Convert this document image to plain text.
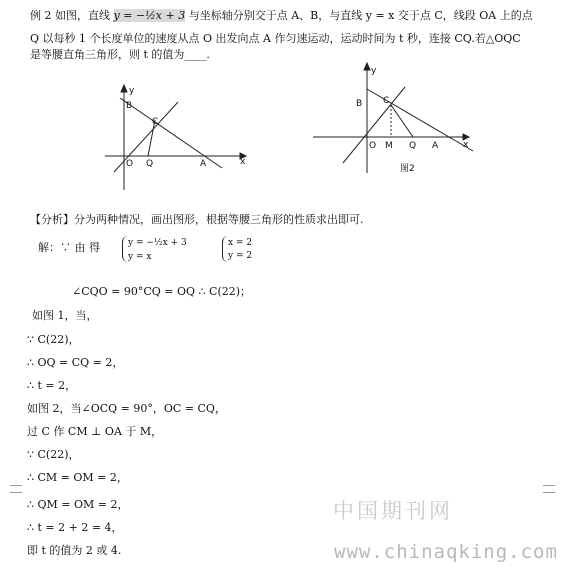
例 2 如图，直线 y = −½x + 3 与坐标轴分别交于点 A、B，与直线 y = x 交于点 C，线段 OA 上的点
Q 以每秒 1 个长度单位的速度从点 O 出发向点 A 作匀速运动，运动时间为 t 秒，连接 CQ.若△OQC
是等腰直角三角形，则 t 的值为____.
y
x
B
C
O Q	A
y
x
B C
O M Q A
图2
【分析】分为两种情况，画出图形，根据等腰三角形的性质求出即可.
解：∵ 由 得	y = −½x + 3
y = x
x = 2
y = 2
∠CQO = 90°CQ = OQ ∴ C(22)；
如图 1，当，
∵ C(22)，
∴ OQ = CQ = 2，
∴ t = 2，
如图 2，当∠OCQ = 90°，OC = CQ，
过 C 作 CM ⊥ OA 于 M，
∵ C(22)，
∴ CM = OM = 2，
∴ QM = OM = 2，
∴ t = 2 + 2 = 4，
即 t 的值为 2 或 4.
中国期刊网
www.chinaqking.com
